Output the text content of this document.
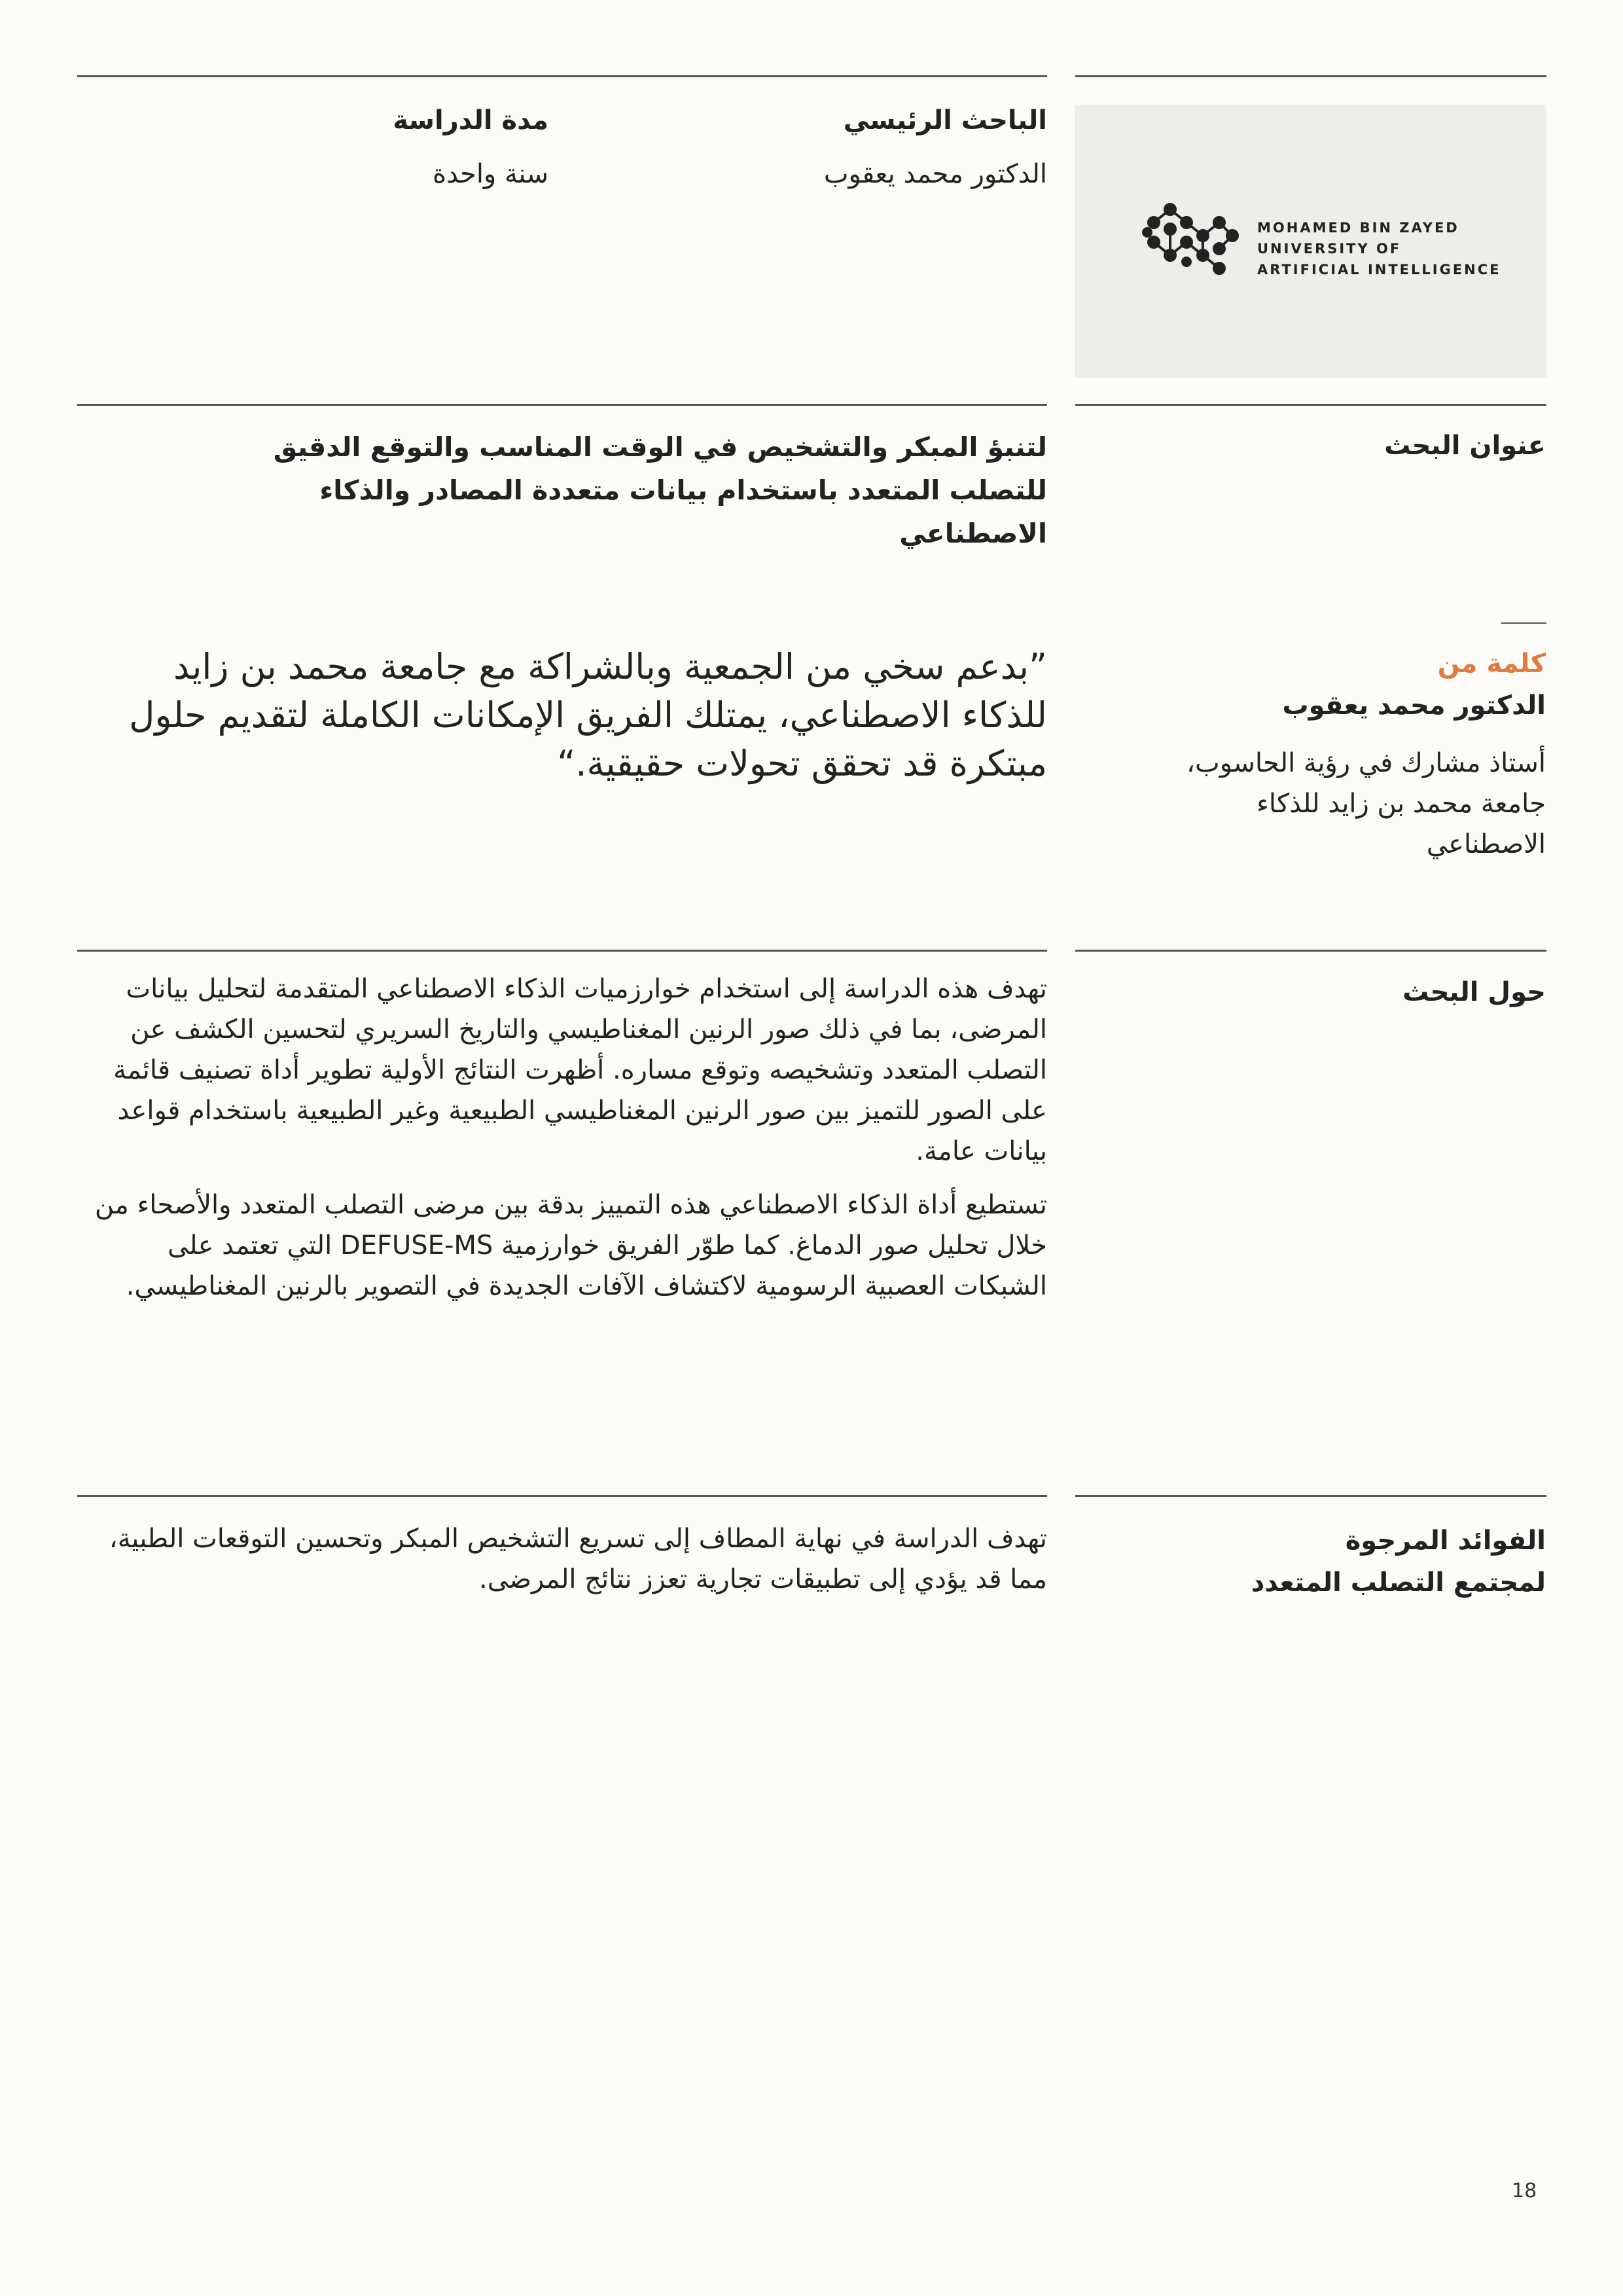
الباحث الرئيسي
الدكتور محمد يعقوب
مدة الدراسة
سنة واحدة
MOHAMED BIN ZAYED
UNIVERSITY OF
ARTIFICIAL INTELLIGENCE
عنوان البحث
لتنبؤ المبكر والتشخيص في الوقت المناسب والتوقع الدقيق للتصلب المتعدد باستخدام بيانات متعددة المصادر والذكاء الاصطناعي
كلمة من
الدكتور محمد يعقوب
أستاذ مشارك في رؤية الحاسوب، جامعة محمد بن زايد للذكاء الاصطناعي
”بدعم سخي من الجمعية وبالشراكة مع جامعة محمد بن زايد للذكاء الاصطناعي، يمتلك الفريق الإمكانات الكاملة لتقديم حلول مبتكرة قد تحقق تحولات حقيقية.“
حول البحث

تهدف هذه الدراسة إلى استخدام خوارزميات الذكاء الاصطناعي المتقدمة لتحليل بيانات المرضى، بما في ذلك صور الرنين المغناطيسي والتاريخ السريري لتحسين الكشف عن التصلب المتعدد وتشخيصه وتوقع مساره. أظهرت النتائج الأولية تطوير أداة تصنيف قائمة على الصور للتميز بين صور الرنين المغناطيسي الطبيعية وغير الطبيعية باستخدام قواعد بيانات عامة.

تستطيع أداة الذكاء الاصطناعي هذه التمييز بدقة بين مرضى التصلب المتعدد والأصحاء من خلال تحليل صور الدماغ. كما طوّر الفريق خوارزمية DEFUSE-MS التي تعتمد على الشبكات العصبية الرسومية لاكتشاف الآفات الجديدة في التصوير بالرنين المغناطيسي.

الفوائد المرجوة لمجتمع التصلب المتعدد
تهدف الدراسة في نهاية المطاف إلى تسريع التشخيص المبكر وتحسين التوقعات الطبية، مما قد يؤدي إلى تطبيقات تجارية تعزز نتائج المرضى.
18
